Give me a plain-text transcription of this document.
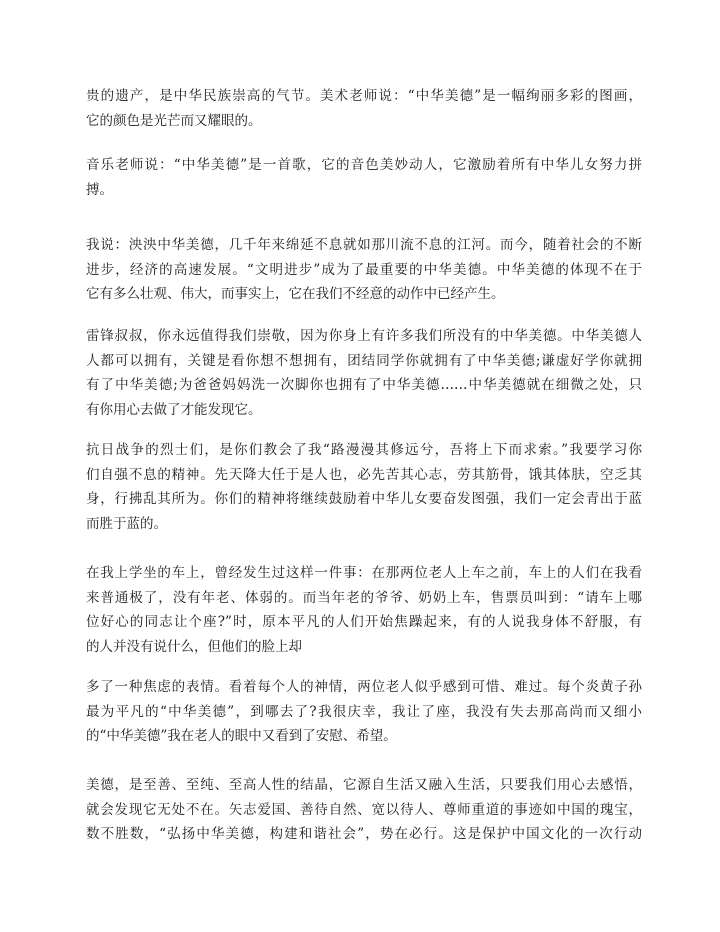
贵的遗产，是中华民族崇高的气节。美术老师说：“中华美德”是一幅绚丽多彩的图画，
它的颜色是光芒而又耀眼的。

音乐老师说：“中华美德”是一首歌，它的音色美妙动人，它激励着所有中华儿女努力拼
搏。

我说：泱泱中华美德，几千年来绵延不息就如那川流不息的江河。而今，随着社会的不断
进步，经济的高速发展。“文明进步”成为了最重要的中华美德。中华美德的体现不在于
它有多么壮观、伟大，而事实上，它在我们不经意的动作中已经产生。

雷锋叔叔，你永远值得我们崇敬，因为你身上有许多我们所没有的中华美德。中华美德人
人都可以拥有，关键是看你想不想拥有，团结同学你就拥有了中华美德;谦虚好学你就拥
有了中华美德;为爸爸妈妈洗一次脚你也拥有了中华美德……中华美德就在细微之处，只
有你用心去做了才能发现它。

抗日战争的烈士们，是你们教会了我“路漫漫其修远兮，吾将上下而求索。”我要学习你
们自强不息的精神。先天降大任于是人也，必先苦其心志，劳其筋骨，饿其体肤，空乏其
身，行拂乱其所为。你们的精神将继续鼓励着中华儿女要奋发图强，我们一定会青出于蓝
而胜于蓝的。

在我上学坐的车上，曾经发生过这样一件事：在那两位老人上车之前，车上的人们在我看
来普通极了，没有年老、体弱的。而当年老的爷爷、奶奶上车，售票员叫到：“请车上哪
位好心的同志让个座?”时，原本平凡的人们开始焦躁起来，有的人说我身体不舒服，有
的人并没有说什么，但他们的脸上却

多了一种焦虑的表情。看着每个人的神情，两位老人似乎感到可惜、难过。每个炎黄子孙
最为平凡的“中华美德”，到哪去了?我很庆幸，我让了座，我没有失去那高尚而又细小
的“中华美德”我在老人的眼中又看到了安慰、希望。

美德，是至善、至纯、至高人性的结晶，它源自生活又融入生活，只要我们用心去感悟，
就会发现它无处不在。矢志爱国、善待自然、宽以待人、尊师重道的事迹如中国的瑰宝，
数不胜数，“弘扬中华美德，构建和谐社会”，势在必行。这是保护中国文化的一次行动
